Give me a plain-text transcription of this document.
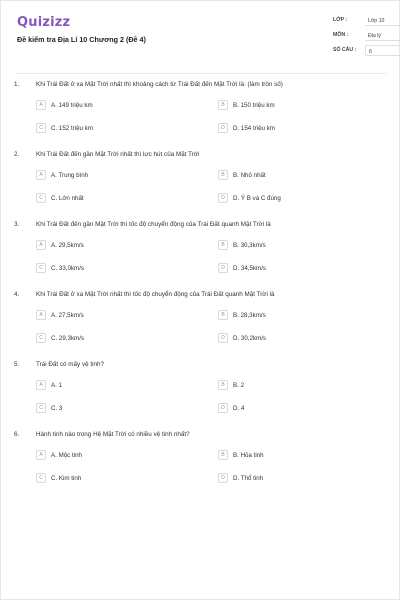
Quizizz
Đề kiểm tra Địa Lí 10 Chương 2 (Đề 4)
LỚP :	Lớp 10
MÔN :	Địa lý
SỐ CÂU :	6
1.	Khi Trái Đất ở xa Mặt Trời nhất thì khoảng cách từ Trái Đất đến Mặt Trời là: (làm tròn số)
A	A. 149 triệu km	B	B. 150 triệu km
C	C. 152 triệu km	D	D. 154 triệu km
2.	Khi Trái Đất đến gần Mặt Trời nhất thì lực hút của Mặt Trời
A	A. Trung bình	B	B. Nhỏ nhất
C	C. Lớn nhất	D	D. Ý B và C đúng
3.	Khi Trái Đất đến gần Mặt Trời thì tốc độ chuyển động của Trái Đất quanh Mặt Trời là
A	A. 29,5km/s	B	B. 30,3km/s
C	C. 33,0km/s	D	D. 34,5km/s
4.	Khi Trái Đất ở xa Mặt Trời nhất thì tốc độ chuyển động của Trái Đất quanh Mặt Trời là
A	A. 27,5km/s	B	B. 28,3km/s
C	C. 29,3km/s	D	D. 30,2km/s
5.	Trái Đất có mấy vệ tinh?
A	A. 1	B	B. 2
C	C. 3	D	D. 4
6.	Hành tinh nào trong Hệ Mặt Trời có nhiều vệ tinh nhất?
A	A. Mộc tinh	B	B. Hỏa tinh
C	C. Kim tinh	D	D. Thổ tinh
